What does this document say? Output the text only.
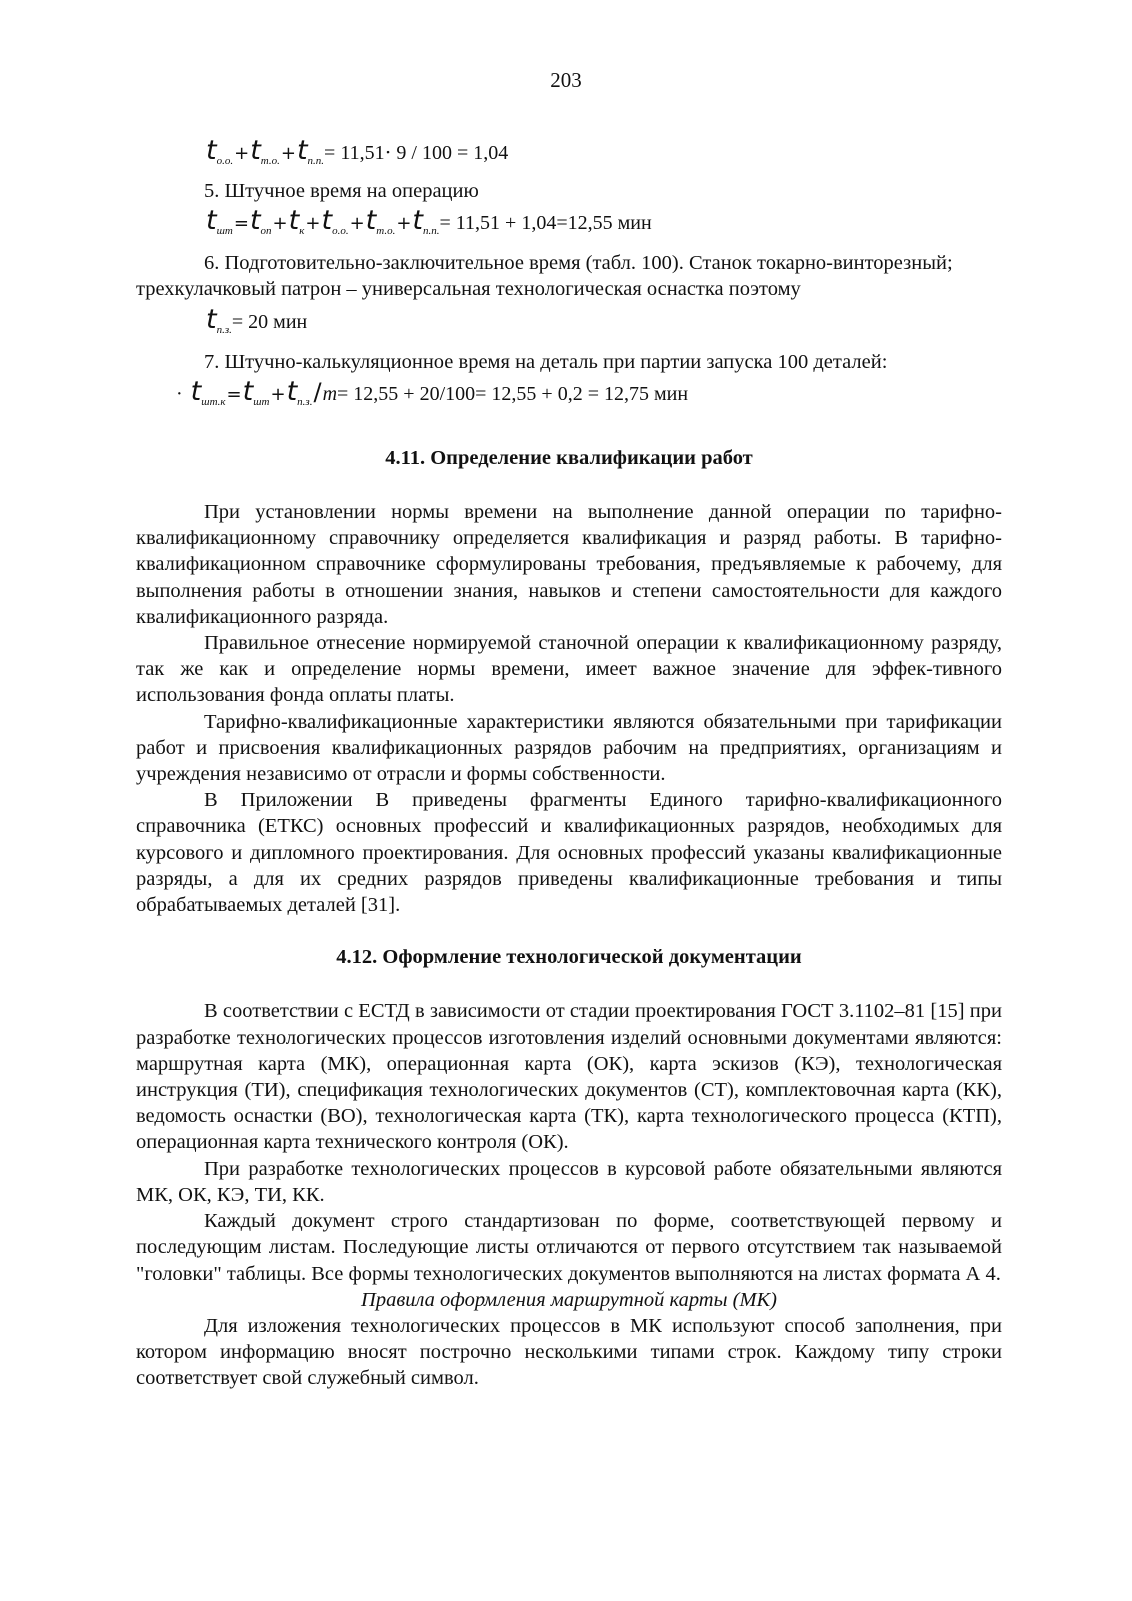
203
$t_{о.о.}+t_{т.о.}+t_{п.п.}= 11,51\cdot 9 / 100 = 1,04$

5. Штучное время на операцию

$t_{шт}=t_{оп}+t_к+t_{о.о.}+t_{т.о.}+t_{п.п.}= 11,51 + 1,04=12,55$ мин

6. Подготовительно-заключительное время (табл. 100). Станок токарно-винторезный; трехкулачковый патрон – универсальная технологическая оснастка поэтому

$t_{п.з.}= 20$ мин

7. Штучно-калькуляционное время на деталь при партии запуска 100 деталей:

· $t_{шт.к}=t_{шт}+t_{п.з.}/m= 12,55 + 20/100= 12,55 + 0,2 = 12,75$ мин
4.11. Определение квалификации работ

При установлении нормы времени на выполнение данной операции по тарифно-квалификационному справочнику определяется квалификация и разряд работы. В тарифно-квалификационном справочнике сформулированы требования, предъявляемые к рабочему, для выполнения работы в отношении знания, навыков и степени самостоятельности для каждого квалификационного разряда.

Правильное отнесение нормируемой станочной операции к квалификационному разряду, так же как и определение нормы времени, имеет важное значение для эффек-тивного использования фонда оплаты платы.

Тарифно-квалификационные характеристики являются обязательными при тарификации работ и присвоения квалификационных разрядов рабочим на предприятиях, организациям и учреждения независимо от отрасли и формы собственности.

В Приложении В приведены фрагменты Единого тарифно-квалификационного справочника (ЕТКС) основных профессий и квалификационных разрядов, необходимых для курсового и дипломного проектирования. Для основных профессий указаны квалификационные разряды, а для их средних разрядов приведены квалификационные требования и типы обрабатываемых деталей [31].

4.12. Оформление технологической документации

В соответствии с ЕСТД в зависимости от стадии проектирования ГОСТ 3.1102–81 [15] при разработке технологических процессов изготовления изделий основными документами являются: маршрутная карта (МК), операционная карта (ОК), карта эскизов (КЭ), технологическая инструкция (ТИ), спецификация технологических документов (СТ), комплектовочная карта (КК), ведомость оснастки (ВО), технологическая карта (ТК), карта технологического процесса (КТП), операционная карта технического контроля (ОК).

При разработке технологических процессов в курсовой работе обязательными являются МК, ОК, КЭ, ТИ, КК.

Каждый документ строго стандартизован по форме, соответствующей первому и последующим листам. Последующие листы отличаются от первого отсутствием так называемой "головки" таблицы. Все формы технологических документов выполняются на листах формата А 4.

Правила оформления маршрутной карты (МК)

Для изложения технологических процессов в МК используют способ заполнения, при котором информацию вносят построчно несколькими типами строк. Каждому типу строки соответствует свой служебный символ.
